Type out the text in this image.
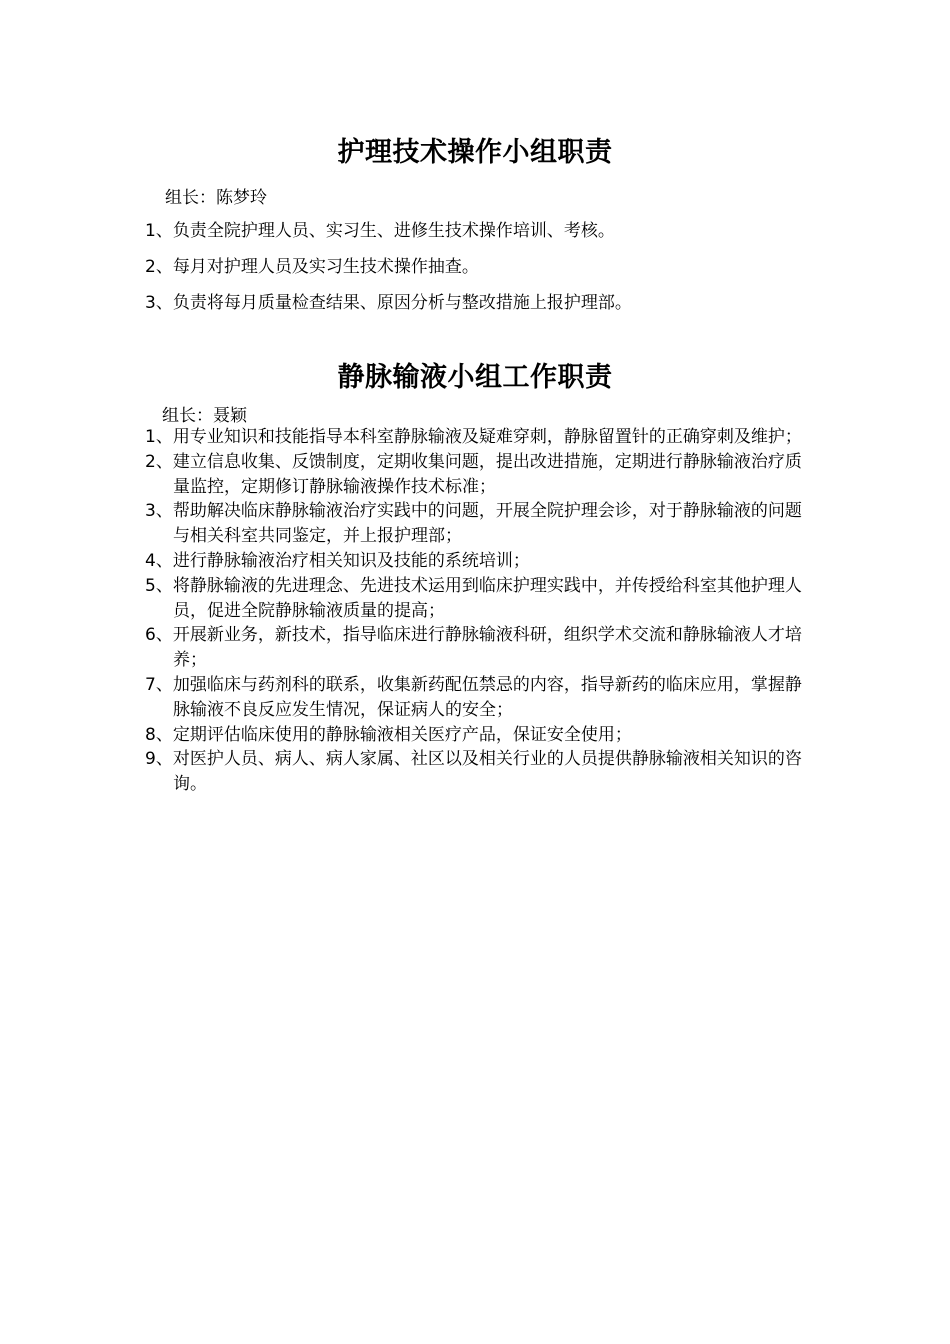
护理技术操作小组职责

组长：陈梦玲

1、负责全院护理人员、实习生、进修生技术操作培训、考核。
2、每月对护理人员及实习生技术操作抽查。
3、负责将每月质量检查结果、原因分析与整改措施上报护理部。
静脉输液小组工作职责

组长：聂颖

1、用专业知识和技能指导本科室静脉输液及疑难穿刺，静脉留置针的正确穿刺及维护；
2、建立信息收集、反馈制度，定期收集问题，提出改进措施，定期进行静脉输液治疗质量监控，定期修订静脉输液操作技术标准；
3、帮助解决临床静脉输液治疗实践中的问题，开展全院护理会诊，对于静脉输液的问题与相关科室共同鉴定，并上报护理部；
4、进行静脉输液治疗相关知识及技能的系统培训；
5、将静脉输液的先进理念、先进技术运用到临床护理实践中，并传授给科室其他护理人员，促进全院静脉输液质量的提高；
6、开展新业务，新技术，指导临床进行静脉输液科研，组织学术交流和静脉输液人才培养；
7、加强临床与药剂科的联系，收集新药配伍禁忌的内容，指导新药的临床应用，掌握静脉输液不良反应发生情况，保证病人的安全；
8、定期评估临床使用的静脉输液相关医疗产品，保证安全使用；
9、对医护人员、病人、病人家属、社区以及相关行业的人员提供静脉输液相关知识的咨询。
